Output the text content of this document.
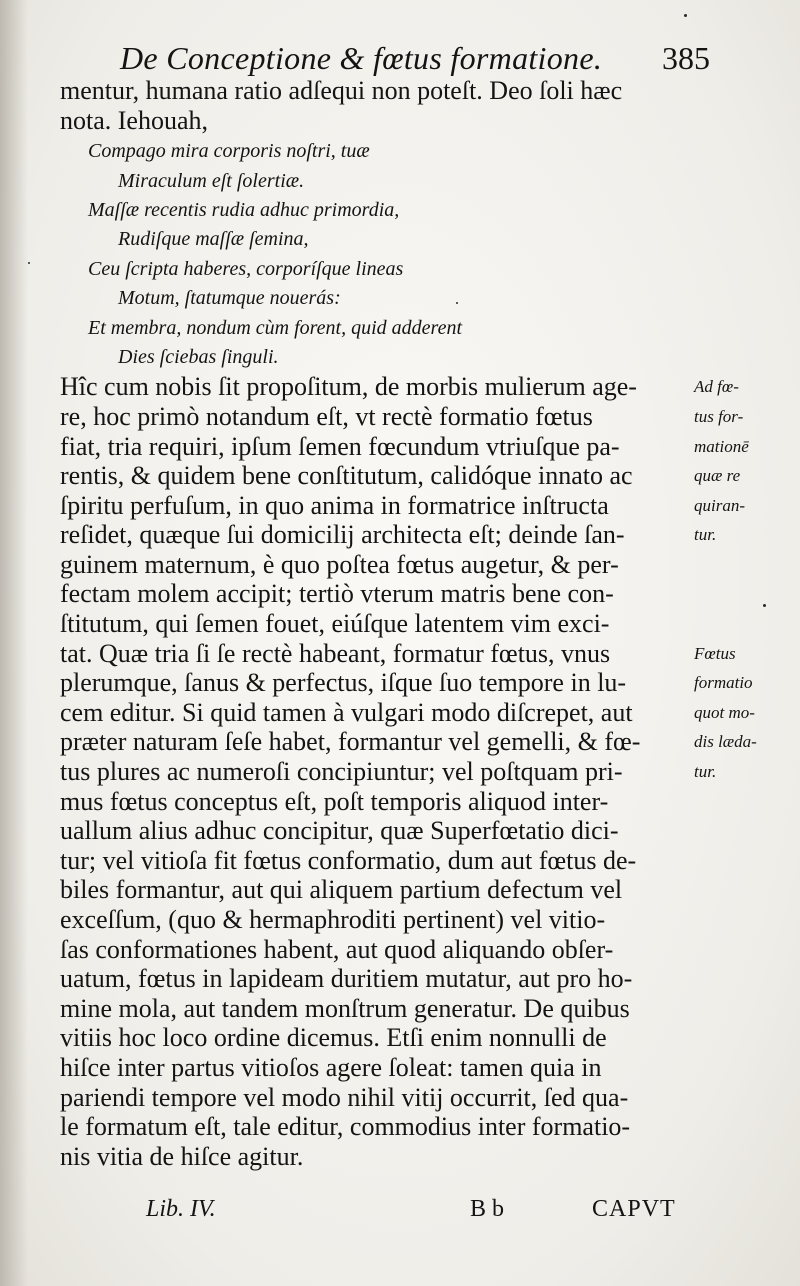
De Conceptione & fœtus formatione. 385
mentur, humana ratio adſequi non poteſt. Deo ſoli hæc
nota. Iehouah,
Compago mira corporis noſtri, tuæ
Miraculum eſt ſolertiæ.
Maſſæ recentis rudia adhuc primordia,
Rudiſque maſſæ ſemina,
Ceu ſcripta haberes, corporíſque lineas
Motum, ſtatumque nouerás:
Et membra, nondum cùm forent, quid adderent
Dies ſciebas ſinguli.
Hîc cum nobis ſit propoſitum, de morbis mulierum age-
re, hoc primò notandum eſt, vt rectè formatio fœtus
fiat, tria requiri, ipſum ſemen fœcundum vtriuſque pa-
rentis, & quidem bene conſtitutum, calidóque innato ac
ſpiritu perfuſum, in quo anima in formatrice inſtructa
reſidet, quæque ſui domicilij architecta eſt; deinde ſan-
guinem maternum, è quo poſtea fœtus augetur, & per-
fectam molem accipit; tertiò vterum matris bene con-
ſtitutum, qui ſemen fouet, eiúſque latentem vim exci-
tat. Quæ tria ſi ſe rectè habeant, formatur fœtus, vnus
plerumque, ſanus & perfectus, iſque ſuo tempore in lu-
cem editur. Si quid tamen à vulgari modo diſcrepet, aut
præter naturam ſeſe habet, formantur vel gemelli, & fœ-
tus plures ac numeroſi concipiuntur; vel poſtquam pri-
mus fœtus conceptus eſt, poſt temporis aliquod inter-
uallum alius adhuc concipitur, quæ Superfœtatio dici-
tur; vel vitioſa fit fœtus conformatio, dum aut fœtus de-
biles formantur, aut qui aliquem partium defectum vel
exceſſum, (quo & hermaphroditi pertinent) vel vitio-
ſas conformationes habent, aut quod aliquando obſer-
uatum, fœtus in lapideam duritiem mutatur, aut pro ho-
mine mola, aut tandem monſtrum generatur. De quibus
vitiis hoc loco ordine dicemus. Etſi enim nonnulli de
hiſce inter partus vitioſos agere ſoleat: tamen quia in
pariendi tempore vel modo nihil vitij occurrit, ſed qua-
le formatum eſt, tale editur, commodius inter formatio-
nis vitia de hiſce agitur.
Ad fœ-
tus for-
mationē
quæ re
quiran-
tur.
Fœtus
formatio
quot mo-
dis læda-
tur.
Lib. IV.	B b	CAPVT
